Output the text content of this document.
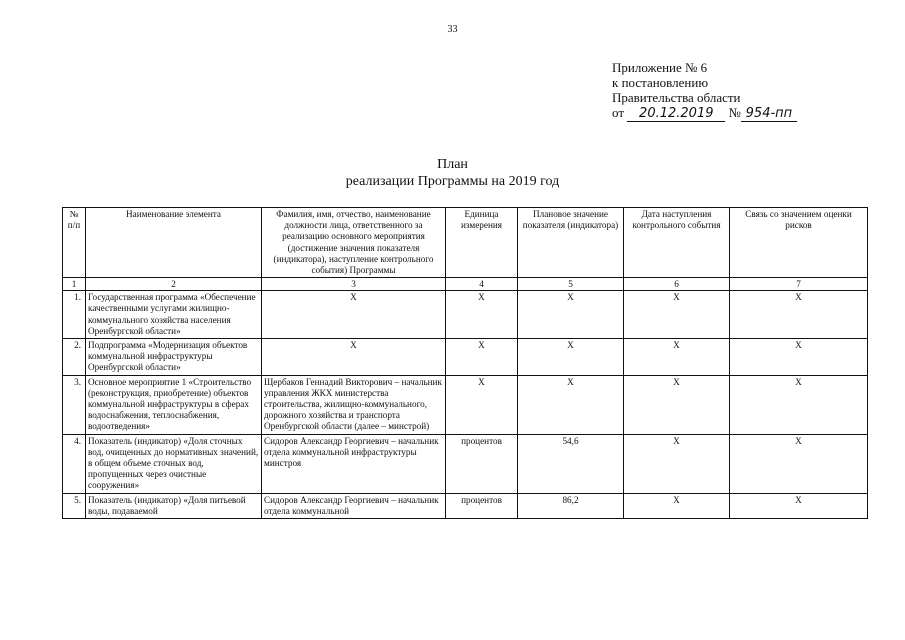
33
Приложение № 6
к постановлению
Правительства области
от 20.12.2019 № 954-пп
План
реализации Программы на 2019 год
№ п/п	Наименование элемента	Фамилия, имя, отчество, наименование должности лица, ответственного за реализацию основного мероприятия (достижение значения показателя (индикатора), наступление контрольного события) Программы	Единица измерения	Плановое значение показателя (индикатора)	Дата наступления контрольного события	Связь со значением оценки рисков
1	2	3	4	5	6	7
1.	Государственная программа «Обеспечение качественными услугами жилищно-коммунального хозяйства населения Оренбургской области»	Х	Х	Х	Х	Х
2.	Подпрограмма «Модернизация объектов коммунальной инфраструктуры Оренбургской области»	Х	Х	Х	Х	Х
3.	Основное мероприятие 1 «Строительство (реконструкция, приобретение) объектов коммунальной инфраструктуры в сферах водоснабжения, теплоснабжения, водоотведения»	Щербаков Геннадий Викторович – начальник управления ЖКХ министерства строительства, жилищно-коммунального, дорожного хозяйства и транспорта Оренбургской области (далее – минстрой)	Х	Х	Х	Х
4.	Показатель (индикатор) «Доля сточных вод, очищенных до нормативных значений, в общем объеме сточных вод, пропущенных через очистные сооружения»	Сидоров Александр Георгиевич – начальник отдела коммунальной инфраструктуры минстроя	процентов	54,6	Х	Х
5.	Показатель (индикатор) «Доля питьевой воды, подаваемой	Сидоров Александр Георгиевич – начальник отдела коммунальной	процентов	86,2	Х	Х
